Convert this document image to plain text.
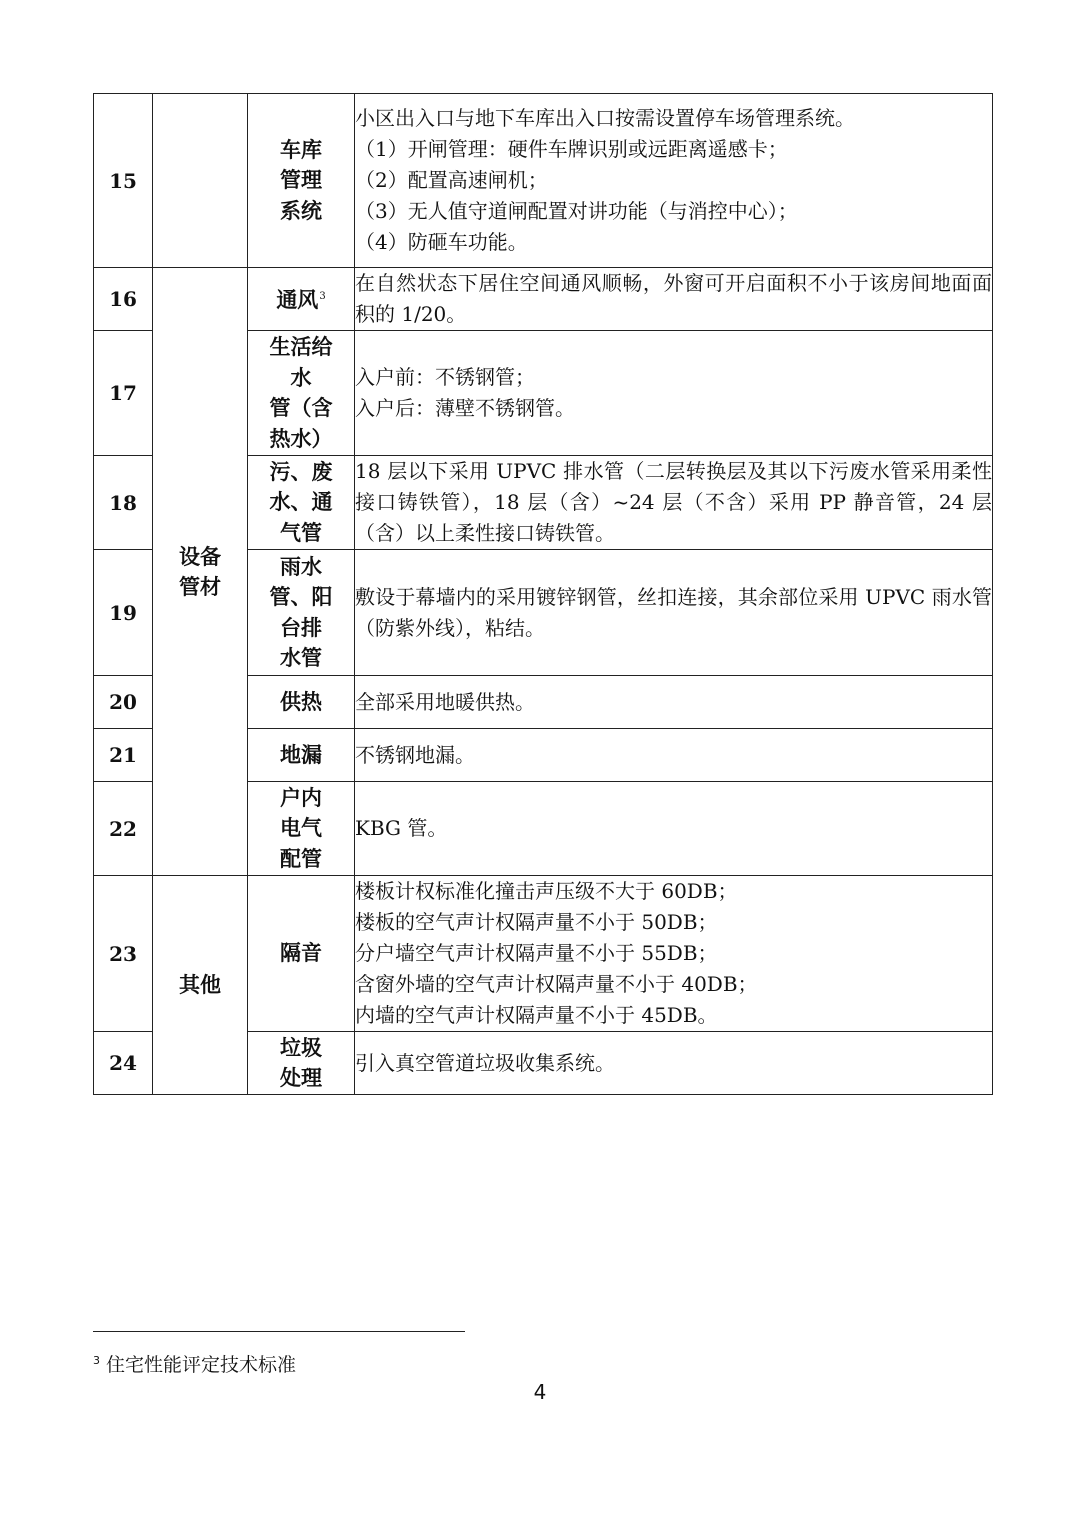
15		车库
管理
系统	小区出入口与地下车库出入口按需设置停车场管理系统。
（1）开闸管理：硬件车牌识别或远距离遥感卡；
（2）配置高速闸机；
（3）无人值守道闸配置对讲功能（与消控中心）；
（4）防砸车功能。

16	设备
管材	通风$^3$	在自然状态下居住空间通风顺畅，外窗可开启面积不小于该房间地面面积的 1/20。

17		生活给
水
管（含
热水）	入户前：不锈钢管；
入户后：薄壁不锈钢管。

18		污、废
水、通
气管	18 层以下采用 UPVC 排水管（二层转换层及其以下污废水管采用柔性接口铸铁管），18 层（含）~24 层（不含）采用 PP 静音管，24 层（含）以上柔性接口铸铁管。

19		雨水
管、阳
台排
水管	敷设于幕墙内的采用镀锌钢管，丝扣连接，其余部位采用 UPVC 雨水管（防紫外线），粘结。

20		供热	全部采用地暖供热。

21		地漏	不锈钢地漏。

22		户内
电气
配管	KBG 管。

23	其他	隔音	楼板计权标准化撞击声压级不大于 60DB；
楼板的空气声计权隔声量不小于 50DB；
分户墙空气声计权隔声量不小于 55DB；
含窗外墙的空气声计权隔声量不小于 40DB；
内墙的空气声计权隔声量不小于 45DB。

24		垃圾
处理	引入真空管道垃圾收集系统。
$^3$ 住宅性能评定技术标准
4
